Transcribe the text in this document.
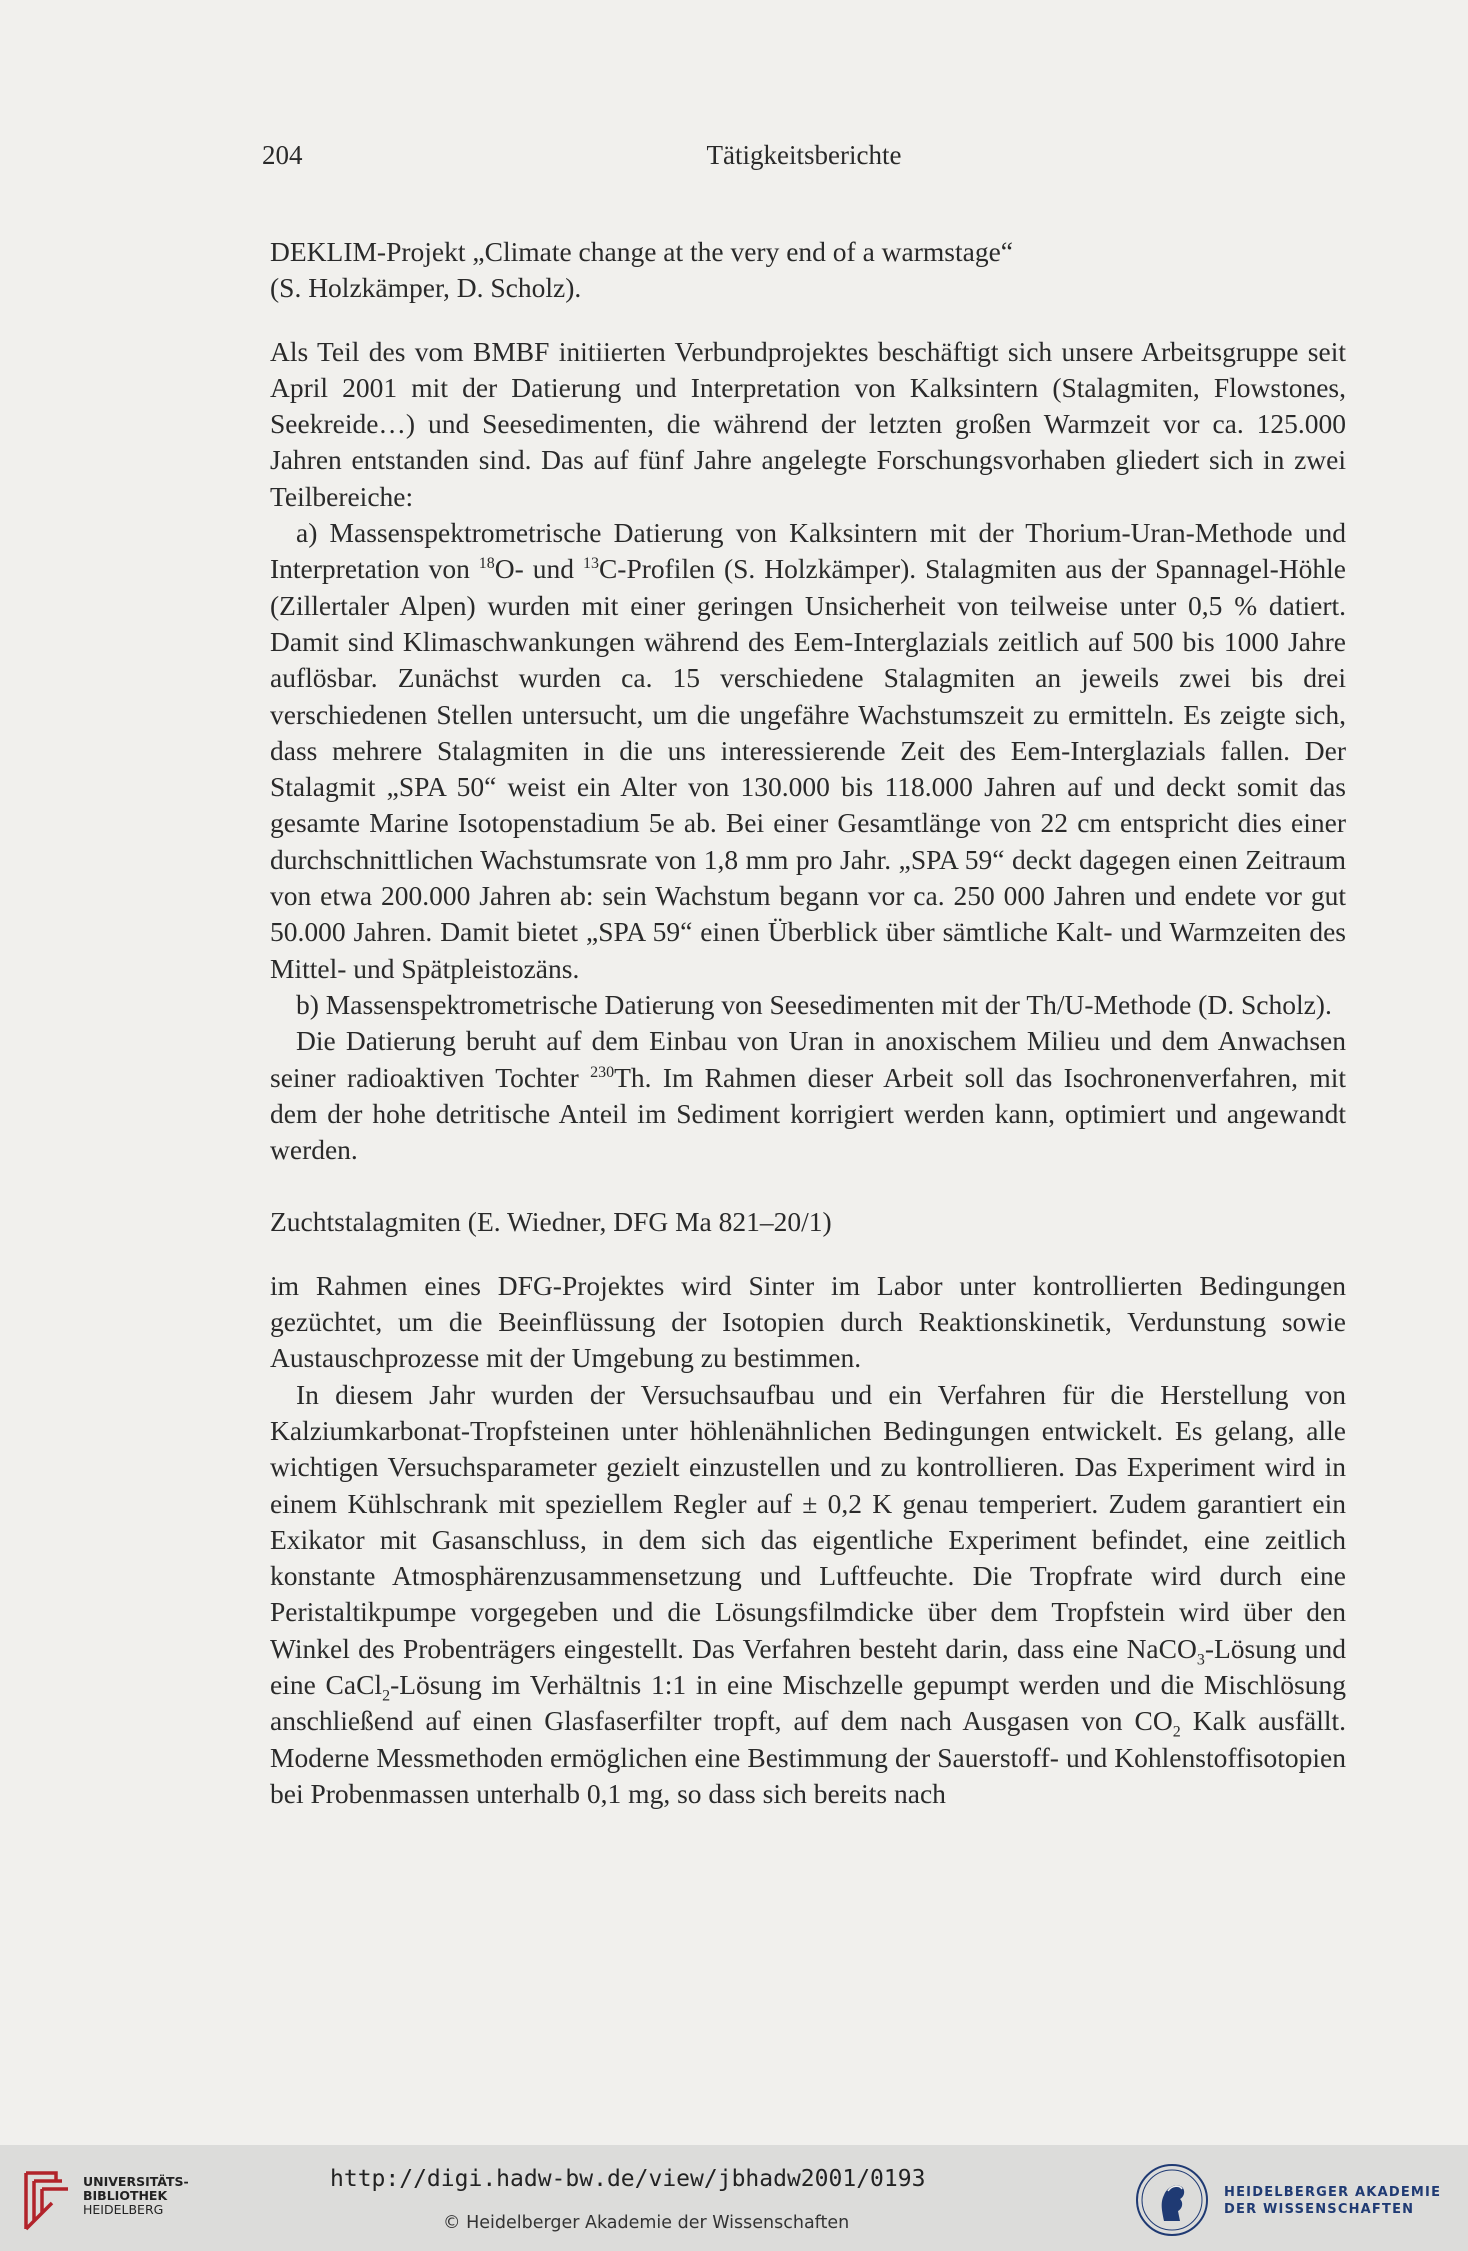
204	Tätigkeitsberichte

DEKLIM-Projekt „Climate change at the very end of a warmstage“

(S. Holzkämper, D. Scholz).

Als Teil des vom BMBF initiierten Verbundprojektes beschäftigt sich unsere Arbeitsgruppe seit April 2001 mit der Datierung und Interpretation von Kalksintern (Stalagmiten, Flowstones, Seekreide…) und Seesedimenten, die während der letzten großen Warmzeit vor ca. 125.000 Jahren entstanden sind. Das auf fünf Jahre angelegte Forschungsvorhaben gliedert sich in zwei Teilbereiche:

a) Massenspektrometrische Datierung von Kalksintern mit der Thorium-Uran-Methode und Interpretation von $^{18}$O- und $^{13}$C-Profilen (S. Holzkämper). Stalagmiten aus der Spannagel-Höhle (Zillertaler Alpen) wurden mit einer geringen Unsicherheit von teilweise unter 0,5 % datiert. Damit sind Klimaschwankungen während des Eem-Interglazials zeitlich auf 500 bis 1000 Jahre auflösbar. Zunächst wurden ca. 15 verschiedene Stalagmiten an jeweils zwei bis drei verschiedenen Stellen untersucht, um die ungefähre Wachstumszeit zu ermitteln. Es zeigte sich, dass mehrere Stalagmiten in die uns interessierende Zeit des Eem-Interglazials fallen. Der Stalagmit „SPA 50“ weist ein Alter von 130.000 bis 118.000 Jahren auf und deckt somit das gesamte Marine Isotopenstadium 5e ab. Bei einer Gesamtlänge von 22 cm entspricht dies einer durchschnittlichen Wachstumsrate von 1,8 mm pro Jahr. „SPA 59“ deckt dagegen einen Zeitraum von etwa 200.000 Jahren ab: sein Wachstum begann vor ca. 250 000 Jahren und endete vor gut 50.000 Jahren. Damit bietet „SPA 59“ einen Überblick über sämtliche Kalt- und Warmzeiten des Mittel- und Spätpleistozäns.

b) Massenspektrometrische Datierung von Seesedimenten mit der Th/U-Methode (D. Scholz).

Die Datierung beruht auf dem Einbau von Uran in anoxischem Milieu und dem Anwachsen seiner radioaktiven Tochter $^{230}$Th. Im Rahmen dieser Arbeit soll das Isochronenverfahren, mit dem der hohe detritische Anteil im Sediment korrigiert werden kann, optimiert und angewandt werden.

Zuchtstalagmiten (E. Wiedner, DFG Ma 821–20/1)

im Rahmen eines DFG-Projektes wird Sinter im Labor unter kontrollierten Bedingungen gezüchtet, um die Beeinflüssung der Isotopien durch Reaktionskinetik, Verdunstung sowie Austauschprozesse mit der Umgebung zu bestimmen.

In diesem Jahr wurden der Versuchsaufbau und ein Verfahren für die Herstellung von Kalziumkarbonat-Tropfsteinen unter höhlenähnlichen Bedingungen entwickelt. Es gelang, alle wichtigen Versuchsparameter gezielt einzustellen und zu kontrollieren. Das Experiment wird in einem Kühlschrank mit speziellem Regler auf ± 0,2 K genau temperiert. Zudem garantiert ein Exikator mit Gasanschluss, in dem sich das eigentliche Experiment befindet, eine zeitlich konstante Atmosphärenzusammensetzung und Luftfeuchte. Die Tropfrate wird durch eine Peristaltikpumpe vorgegeben und die Lösungsfilmdicke über dem Tropfstein wird über den Winkel des Probenträgers eingestellt. Das Verfahren besteht darin, dass eine NaCO$_3$-Lösung und eine CaCl$_2$-Lösung im Verhältnis 1:1 in eine Mischzelle gepumpt werden und die Mischlösung anschließend auf einen Glasfaserfilter tropft, auf dem nach Ausgasen von $CO_2$ Kalk ausfällt. Moderne Messmethoden ermöglichen eine Bestimmung der Sauerstoff- und Kohlenstoffisotopien bei Probenmassen unterhalb 0,1 mg, so dass sich bereits nach

UNIVERSITÄTS-
BIBLIOTHEK
HEIDELBERG
http://digi.hadw-bw.de/view/jbhadw2001/0193
© Heidelberger Akademie der Wissenschaften
HEIDELBERGER AKADEMIE
DER WISSENSCHAFTEN
